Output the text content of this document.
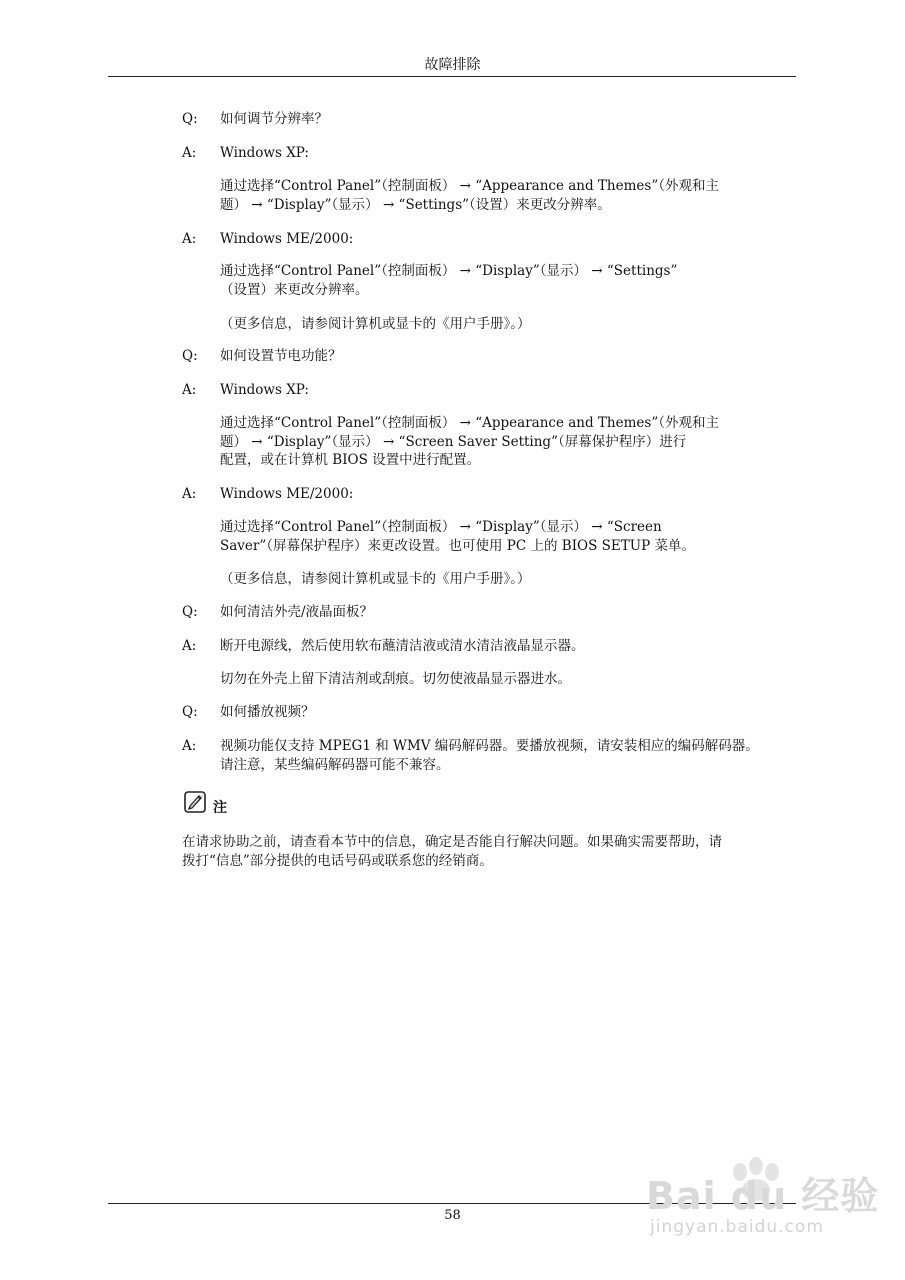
故障排除
Q: 如何调节分辨率？
A: Windows XP:
通过选择“Control Panel”（控制面板） → “Appearance and Themes”（外观和主
题） → “Display”（显示） → “Settings”（设置）来更改分辨率。
A: Windows ME/2000:
通过选择“Control Panel”（控制面板） → “Display”（显示） → “Settings”
（设置）来更改分辨率。
（更多信息，请参阅计算机或显卡的《用户手册》。）
Q: 如何设置节电功能？
A: Windows XP:
通过选择“Control Panel”（控制面板） → “Appearance and Themes”（外观和主
题） → “Display”（显示） → “Screen Saver Setting”（屏幕保护程序）进行
配置，或在计算机 BIOS 设置中进行配置。
A: Windows ME/2000:
通过选择“Control Panel”（控制面板） → “Display”（显示） → “Screen
Saver”（屏幕保护程序）来更改设置。也可使用 PC 上的 BIOS SETUP 菜单。
（更多信息，请参阅计算机或显卡的《用户手册》。）
Q: 如何清洁外壳/液晶面板？
A: 断开电源线，然后使用软布蘸清洁液或清水清洁液晶显示器。
切勿在外壳上留下清洁剂或刮痕。切勿使液晶显示器进水。
Q: 如何播放视频？
A: 视频功能仅支持 MPEG1 和 WMV 编码解码器。要播放视频，请安装相应的编码解码器。
请注意，某些编码解码器可能不兼容。
注
在请求协助之前，请查看本节中的信息，确定是否能自行解决问题。如果确实需要帮助，请
拨打“信息”部分提供的电话号码或联系您的经销商。
58	Bai du 经验
jingyan.baidu.com
